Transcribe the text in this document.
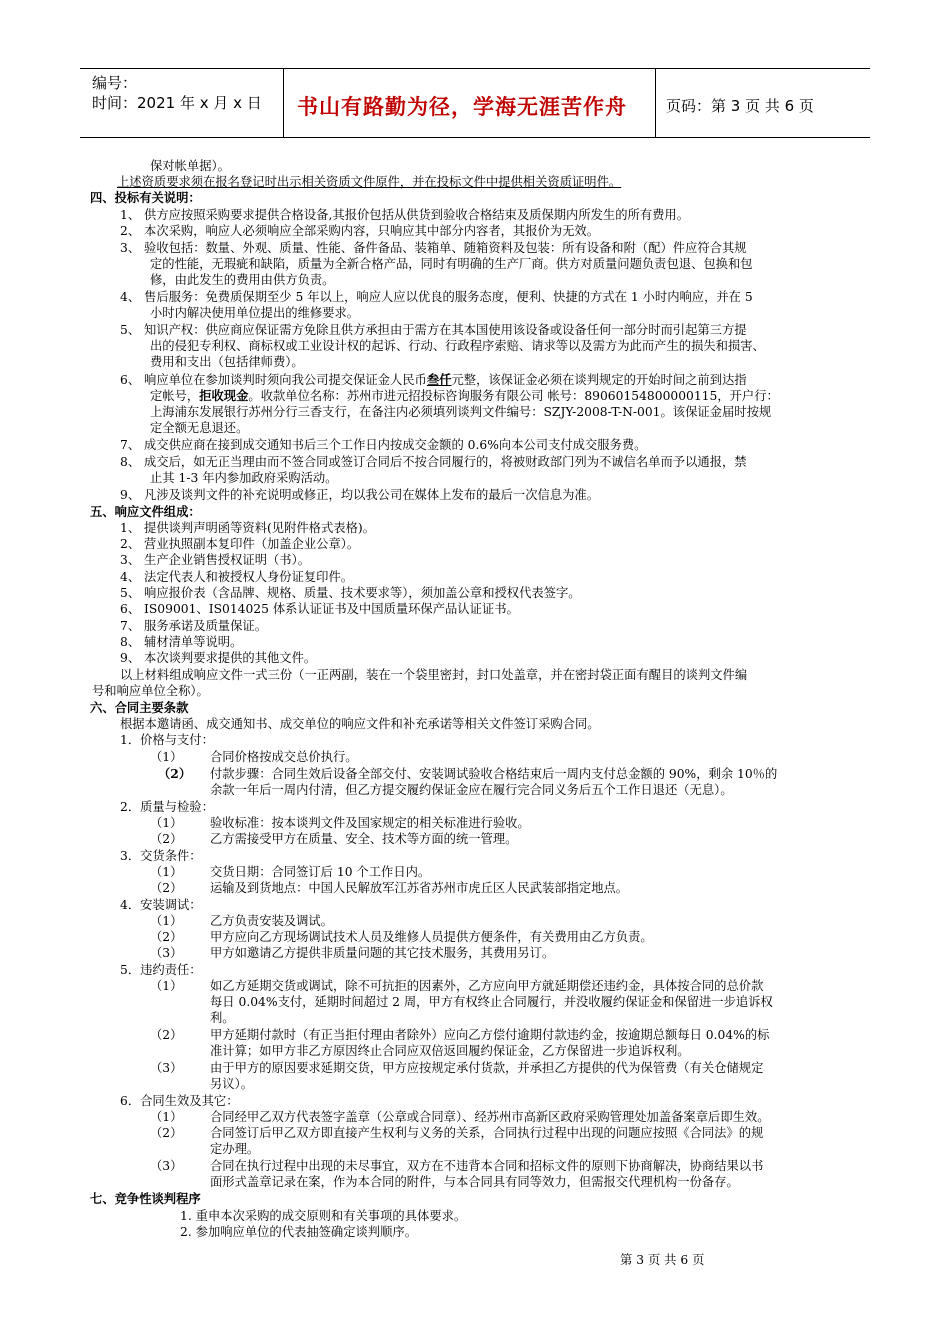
编号：
时间：2021 年 x 月 x 日 书山有路勤为径，学海无涯苦作舟	页码：第 3 页 共 6 页
保对帐单据）。
上述资质要求须在报名登记时出示相关资质文件原件，并在投标文件中提供相关资质证明件。
四、投标有关说明：
1、 供方应按照采购要求提供合格设备,其报价包括从供货到验收合格结束及质保期内所发生的所有费用。
2、 本次采购，响应人必须响应全部采购内容，只响应其中部分内容者，其报价为无效。
3、 验收包括：数量、外观、质量、性能、备件备品、装箱单、随箱资料及包装：所有设备和附（配）件应符合其规
定的性能，无瑕疵和缺陷，质量为全新合格产品，同时有明确的生产厂商。供方对质量问题负责包退、包换和包
修，由此发生的费用由供方负责。
4、 售后服务：免费质保期至少 5 年以上，响应人应以优良的服务态度，便利、快捷的方式在 1 小时内响应，并在 5
小时内解决使用单位提出的维修要求。
5、 知识产权：供应商应保证需方免除且供方承担由于需方在其本国使用该设备或设备任何一部分时而引起第三方提
出的侵犯专利权、商标权或工业设计权的起诉、行动、行政程序索赔、请求等以及需方为此而产生的损失和损害、
费用和支出（包括律师费）。
6、 响应单位在参加谈判时须向我公司提交保证金人民币叁仟元整，该保证金必须在谈判规定的开始时间之前到达指
定帐号，拒收现金。收款单位名称：苏州市进元招投标咨询服务有限公司 帐号：89060154800000115，开户行：
上海浦东发展银行苏州分行三香支行，在备注内必须填列谈判文件编号：SZJY-2008-T-N-001。该保证金届时按规
定全额无息退还。
7、 成交供应商在接到成交通知书后三个工作日内按成交金额的 0.6%向本公司支付成交服务费。
8、 成交后，如无正当理由而不签合同或签订合同后不按合同履行的，将被财政部门列为不诚信名单而予以通报，禁
止其 1-3 年内参加政府采购活动。
9、 凡涉及谈判文件的补充说明或修正，均以我公司在媒体上发布的最后一次信息为准。
五、响应文件组成：
1、 提供谈判声明函等资料(见附件格式表格)。
2、 营业执照副本复印件（加盖企业公章）。
3、 生产企业销售授权证明（书）。
4、 法定代表人和被授权人身份证复印件。
5、 响应报价表（含品牌、规格、质量、技术要求等），须加盖公章和授权代表签字。
6、 IS09001、IS014025 体系认证证书及中国质量环保产品认证证书。
7、 服务承诺及质量保证。
8、 辅材清单等说明。
9、 本次谈判要求提供的其他文件。
以上材料组成响应文件一式三份（一正两副，装在一个袋里密封，封口处盖章，并在密封袋正面有醒目的谈判文件编
号和响应单位全称）。
六、合同主要条款
根据本邀请函、成交通知书、成交单位的响应文件和补充承诺等相关文件签订采购合同。
1．价格与支付：
（1） 合同价格按成交总价执行。
（2） 付款步骤：合同生效后设备全部交付、安装调试验收合格结束后一周内支付总金额的 90%，剩余 10％的
余款一年后一周内付清，但乙方提交履约保证金应在履行完合同义务后五个工作日退还（无息）。
2．质量与检验：
（1） 验收标准：按本谈判文件及国家规定的相关标准进行验收。
（2） 乙方需接受甲方在质量、安全、技术等方面的统一管理。
3．交货条件：
（1） 交货日期：合同签订后 10 个工作日内。
（2） 运输及到货地点：中国人民解放军江苏省苏州市虎丘区人民武装部指定地点。
4．安装调试：
（1） 乙方负责安装及调试。
（2） 甲方应向乙方现场调试技术人员及维修人员提供方便条件，有关费用由乙方负责。
（3） 甲方如邀请乙方提供非质量问题的其它技术服务，其费用另订。
5．违约责任：
（1） 如乙方延期交货或调试，除不可抗拒的因素外，乙方应向甲方就延期偿还违约金，具体按合同的总价款
每日 0.04%支付，延期时间超过 2 周，甲方有权终止合同履行，并没收履约保证金和保留进一步追诉权
利。
（2） 甲方延期付款时（有正当拒付理由者除外）应向乙方偿付逾期付款违约金，按逾期总额每日 0.04%的标
准计算；如甲方非乙方原因终止合同应双倍返回履约保证金，乙方保留进一步追诉权利。
（3） 由于甲方的原因要求延期交货，甲方应按规定承付货款，并承担乙方提供的代为保管费（有关仓储规定
另议）。
6．合同生效及其它：
（1） 合同经甲乙双方代表签字盖章（公章或合同章）、经苏州市高新区政府采购管理处加盖备案章后即生效。
（2） 合同签订后甲乙双方即直接产生权利与义务的关系，合同执行过程中出现的问题应按照《合同法》的规
定办理。
（3） 合同在执行过程中出现的未尽事宜，双方在不违背本合同和招标文件的原则下协商解决，协商结果以书
面形式盖章记录在案，作为本合同的附件，与本合同具有同等效力，但需报交代理机构一份备存。
七、竞争性谈判程序
1. 重申本次采购的成交原则和有关事项的具体要求。
2. 参加响应单位的代表抽签确定谈判顺序。
第 3 页 共 6 页
